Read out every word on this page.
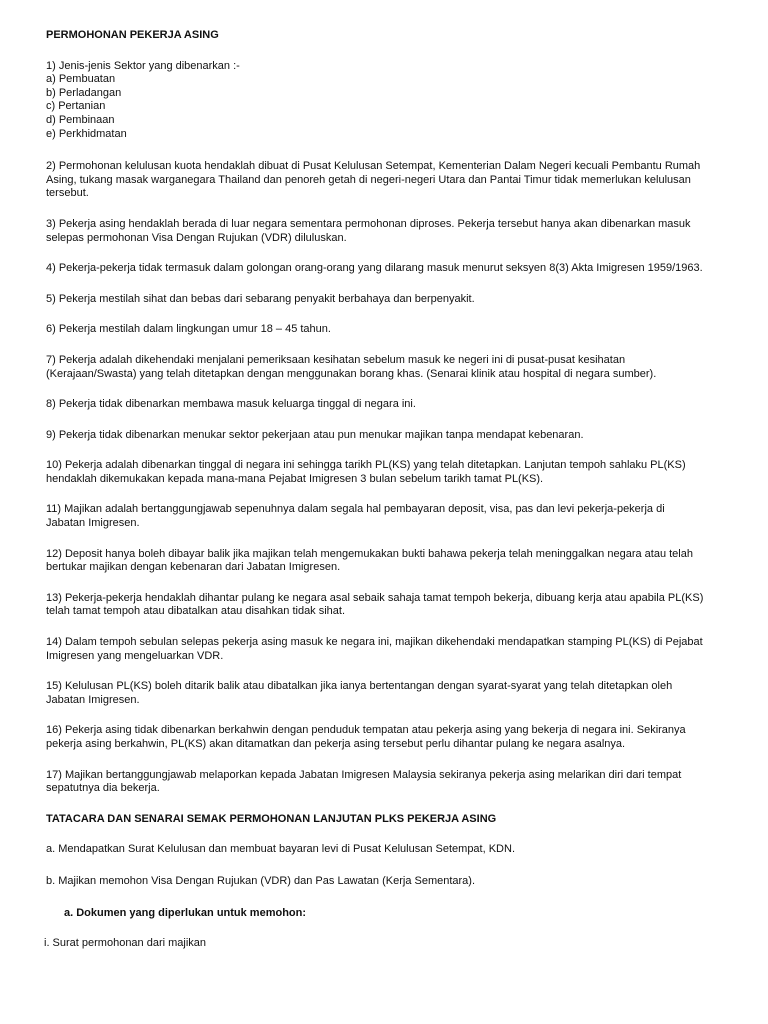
PERMOHONAN PEKERJA ASING
1) Jenis-jenis Sektor yang dibenarkan :-
a) Pembuatan
b) Perladangan
c) Pertanian
d) Pembinaan
e) Perkhidmatan
2) Permohonan kelulusan kuota hendaklah dibuat di Pusat Kelulusan Setempat, Kementerian Dalam Negeri kecuali Pembantu Rumah
Asing, tukang masak warganegara Thailand dan penoreh getah di negeri-negeri Utara dan Pantai Timur tidak memerlukan kelulusan
tersebut.
3) Pekerja asing hendaklah berada di luar negara sementara permohonan diproses. Pekerja tersebut hanya akan dibenarkan masuk
selepas permohonan Visa Dengan Rujukan (VDR) diluluskan.
4) Pekerja-pekerja tidak termasuk dalam golongan orang-orang yang dilarang masuk menurut seksyen 8(3) Akta Imigresen 1959/1963.
5) Pekerja mestilah sihat dan bebas dari sebarang penyakit berbahaya dan berpenyakit.
6) Pekerja mestilah dalam lingkungan umur 18 – 45 tahun.
7) Pekerja adalah dikehendaki menjalani pemeriksaan kesihatan sebelum masuk ke negeri ini di pusat-pusat kesihatan
(Kerajaan/Swasta) yang telah ditetapkan dengan menggunakan borang khas. (Senarai klinik atau hospital di negara sumber).
8) Pekerja tidak dibenarkan membawa masuk keluarga tinggal di negara ini.
9) Pekerja tidak dibenarkan menukar sektor pekerjaan atau pun menukar majikan tanpa mendapat kebenaran.
10) Pekerja adalah dibenarkan tinggal di negara ini sehingga tarikh PL(KS) yang telah ditetapkan. Lanjutan tempoh sahlaku PL(KS)
hendaklah dikemukakan kepada mana-mana Pejabat Imigresen 3 bulan sebelum tarikh tamat PL(KS).
11) Majikan adalah bertanggungjawab sepenuhnya dalam segala hal pembayaran deposit, visa, pas dan levi pekerja-pekerja di
Jabatan Imigresen.
12) Deposit hanya boleh dibayar balik jika majikan telah mengemukakan bukti bahawa pekerja telah meninggalkan negara atau telah
bertukar majikan dengan kebenaran dari Jabatan Imigresen.
13) Pekerja-pekerja hendaklah dihantar pulang ke negara asal sebaik sahaja tamat tempoh bekerja, dibuang kerja atau apabila PL(KS)
telah tamat tempoh atau dibatalkan atau disahkan tidak sihat.
14) Dalam tempoh sebulan selepas pekerja asing masuk ke negara ini, majikan dikehendaki mendapatkan stamping PL(KS) di Pejabat
Imigresen yang mengeluarkan VDR.
15) Kelulusan PL(KS) boleh ditarik balik atau dibatalkan jika ianya bertentangan dengan syarat-syarat yang telah ditetapkan oleh
Jabatan Imigresen.
16) Pekerja asing tidak dibenarkan berkahwin dengan penduduk tempatan atau pekerja asing yang bekerja di negara ini. Sekiranya
pekerja asing berkahwin, PL(KS) akan ditamatkan dan pekerja asing tersebut perlu dihantar pulang ke negara asalnya.
17) Majikan bertanggungjawab melaporkan kepada Jabatan Imigresen Malaysia sekiranya pekerja asing melarikan diri dari tempat
sepatutnya dia bekerja.
TATACARA DAN SENARAI SEMAK PERMOHONAN LANJUTAN PLKS PEKERJA ASING
a. Mendapatkan Surat Kelulusan dan membuat bayaran levi di Pusat Kelulusan Setempat, KDN.
b. Majikan memohon Visa Dengan Rujukan (VDR) dan Pas Lawatan (Kerja Sementara).
a. Dokumen yang diperlukan untuk memohon:
i. Surat permohonan dari majikan
